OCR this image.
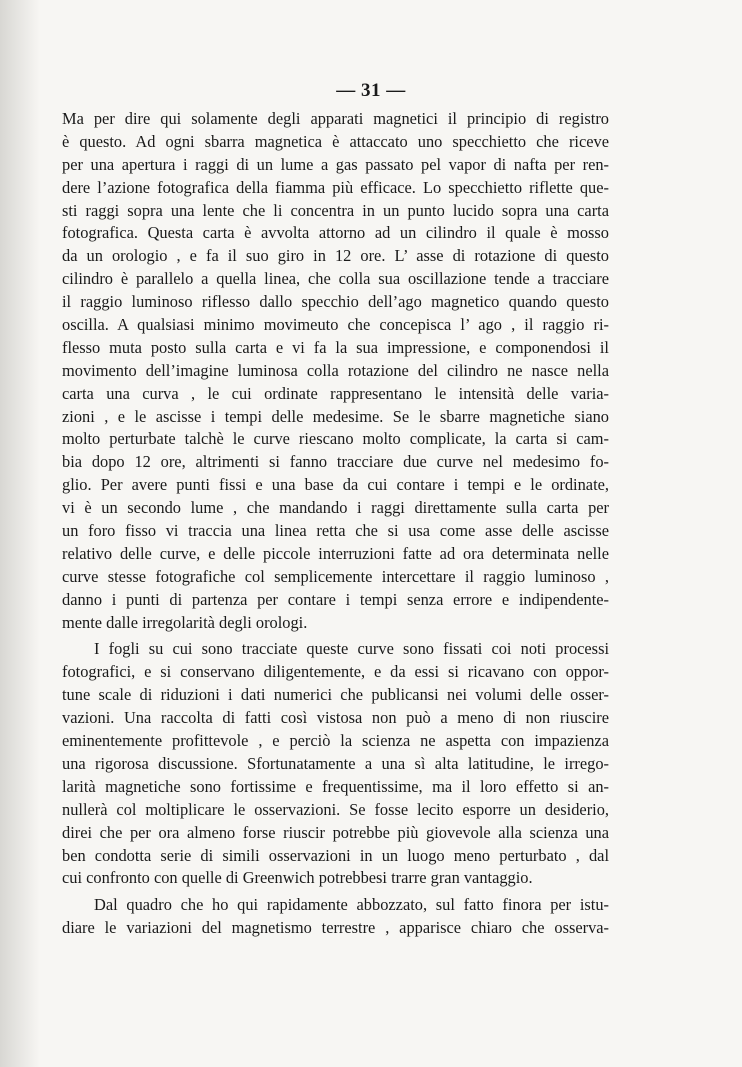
— 31 —
Ma per dire qui solamente degli apparati magnetici il principio di registro
è questo. Ad ogni sbarra magnetica è attaccato uno specchietto che riceve
per una apertura i raggi di un lume a gas passato pel vapor di nafta per ren-
dere l’azione fotografica della fiamma più efficace. Lo specchietto riflette que-
sti raggi sopra una lente che li concentra in un punto lucido sopra una carta
fotografica. Questa carta è avvolta attorno ad un cilindro il quale è mosso
da un orologio , e fa il suo giro in 12 ore. L’ asse di rotazione di questo
cilindro è parallelo a quella linea, che colla sua oscillazione tende a tracciare
il raggio luminoso riflesso dallo specchio dell’ago magnetico quando questo
oscilla. A qualsiasi minimo movimeuto che concepisca l’ ago , il raggio ri-
flesso muta posto sulla carta e vi fa la sua impressione, e componendosi il
movimento dell’imagine luminosa colla rotazione del cilindro ne nasce nella
carta una curva , le cui ordinate rappresentano le intensità delle varia-
zioni , e le ascisse i tempi delle medesime. Se le sbarre magnetiche siano
molto perturbate talchè le curve riescano molto complicate, la carta si cam-
bia dopo 12 ore, altrimenti si fanno tracciare due curve nel medesimo fo-
glio. Per avere punti fissi e una base da cui contare i tempi e le ordinate,
vi è un secondo lume , che mandando i raggi direttamente sulla carta per
un foro fisso vi traccia una linea retta che si usa come asse delle ascisse
relativo delle curve, e delle piccole interruzioni fatte ad ora determinata nelle
curve stesse fotografiche col semplicemente intercettare il raggio luminoso ,
danno i punti di partenza per contare i tempi senza errore e indipendente-
mente dalle irregolarità degli orologi.
I fogli su cui sono tracciate queste curve sono fissati coi noti processi
fotografici, e si conservano diligentemente, e da essi si ricavano con oppor-
tune scale di riduzioni i dati numerici che publicansi nei volumi delle osser-
vazioni. Una raccolta di fatti così vistosa non può a meno di non riuscire
eminentemente profittevole , e perciò la scienza ne aspetta con impazienza
una rigorosa discussione. Sfortunatamente a una sì alta latitudine, le irrego-
larità magnetiche sono fortissime e frequentissime, ma il loro effetto si an-
nullerà col moltiplicare le osservazioni. Se fosse lecito esporre un desiderio,
direi che per ora almeno forse riuscir potrebbe più giovevole alla scienza una
ben condotta serie di simili osservazioni in un luogo meno perturbato , dal
cui confronto con quelle di Greenwich potrebbesi trarre gran vantaggio.
Dal quadro che ho qui rapidamente abbozzato, sul fatto finora per istu-
diare le variazioni del magnetismo terrestre , apparisce chiaro che osserva-
